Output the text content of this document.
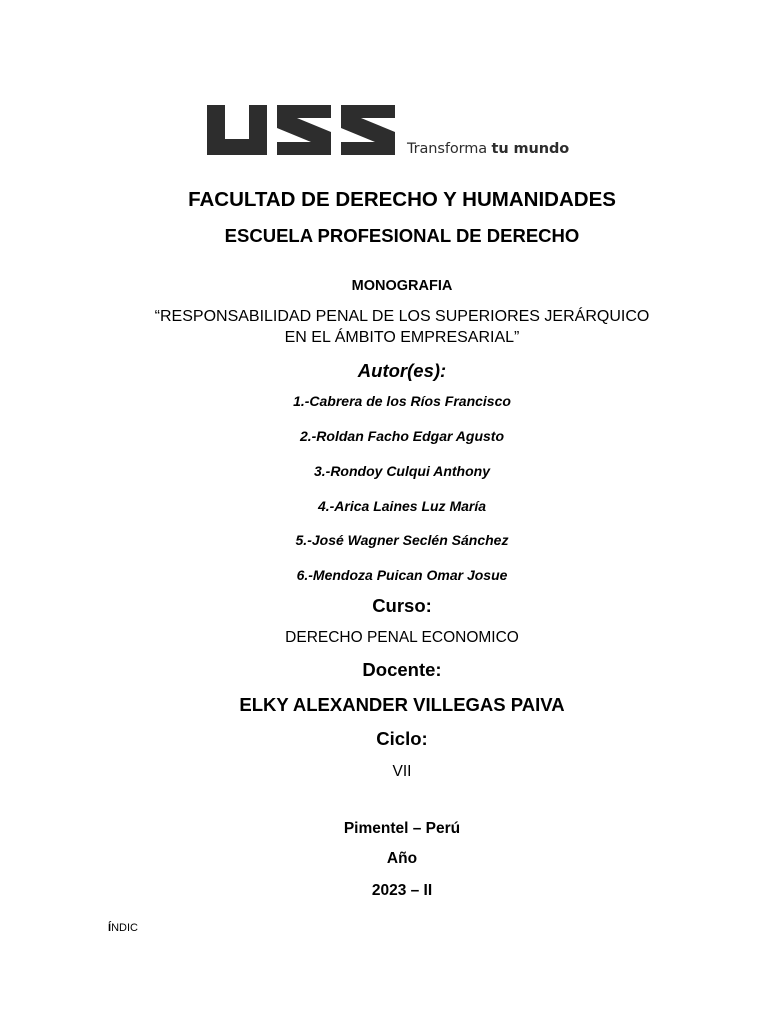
Transforma tu mundo
FACULTAD DE DERECHO Y HUMANIDADES
ESCUELA PROFESIONAL DE DERECHO
MONOGRAFIA
“RESPONSABILIDAD PENAL DE LOS SUPERIORES JERÁRQUICO
EN EL ÁMBITO EMPRESARIAL”
Autor(es):
1.-Cabrera de los Ríos Francisco
2.-Roldan Facho Edgar Agusto
3.-Rondoy Culqui Anthony
4.-Arica Laines Luz María
5.-José Wagner Seclén Sánchez
6.-Mendoza Puican Omar Josue
Curso:
DERECHO PENAL ECONOMICO
Docente:
ELKY ALEXANDER VILLEGAS PAIVA
Ciclo:
VII
Pimentel – Perú
Año
2023 – II
ÍNDIC
